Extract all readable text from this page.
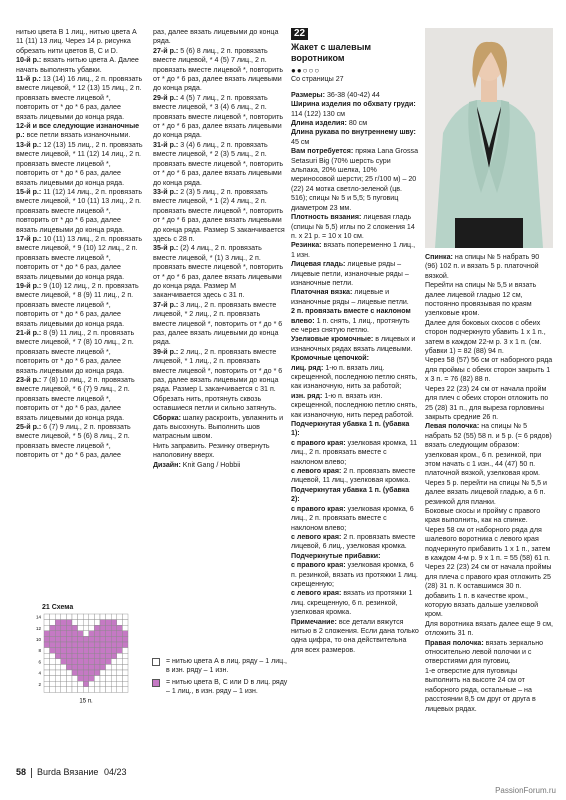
нитью цвета В 1 лиц., нитью цвета А 11 (11) 13 лиц. Через 14 р. рисунка обрезать нити цветов В, С и D.
10-й р.: вязать нитью цвета А. Далее начать выполнять убавки.
11-й р.: 13 (14) 16 лиц., 2 п. провязать вместе лицевой, * 12 (13) 15 лиц., 2 п. провязать вместе лицевой *, повторить от * до * 6 раз, далее вязать лицевыми до конца ряда.
12-й и все следующие изнаночные р.: все петли вязать изнаночными.
13-й р.: 12 (13) 15 лиц., 2 п. провязать вместе лицевой, * 11 (12) 14 лиц., 2 п. провязать вместе лицевой *, повторить от * до * 6 раз, далее вязать лицевыми до конца ряда.
15-й р.: 11 (12) 14 лиц., 2 п. провязать вместе лицевой, * 10 (11) 13 лиц., 2 п. провязать вместе лицевой *, повторить от * до * 6 раз, далее вязать лицевыми до конца ряда.
17-й р.: 10 (11) 13 лиц., 2 п. провязать вместе лицевой, * 9 (10) 12 лиц., 2 п. провязать вместе лицевой *, повторить от * до * 6 раз, далее вязать лицевыми до конца ряда.
19-й р.: 9 (10) 12 лиц., 2 п. провязать вместе лицевой, * 8 (9) 11 лиц., 2 п. провязать вместе лицевой *, повторить от * до * 6 раз, далее вязать лицевыми до конца ряда.
21-й р.: 8 (9) 11 лиц., 2 п. провязать вместе лицевой, * 7 (8) 10 лиц., 2 п. провязать вместе лицевой *, повторить от * до * 6 раз, далее вязать лицевыми до конца ряда.
23-й р.: 7 (8) 10 лиц., 2 п. провязать вместе лицевой, * 6 (7) 9 лиц., 2 п. провязать вместе лицевой *, повторить от * до * 6 раз, далее вязать лицевыми до конца ряда.
25-й р.: 6 (7) 9 лиц., 2 п. провязать вместе лицевой, * 5 (6) 8 лиц., 2 п. провязать вместе лицевой *, повторить от * до * 6 раз, далее
раз, далее вязать лицевыми до конца ряда.
27-й р.: 5 (6) 8 лиц., 2 п. провязать вместе лицевой, * 4 (5) 7 лиц., 2 п. провязать вместе лицевой *, повторить от * до * 6 раз, далее вязать лицевыми до конца ряда.
29-й р.: 4 (5) 7 лиц., 2 п. провязать вместе лицевой, * 3 (4) 6 лиц., 2 п. провязать вместе лицевой *, повторить от * до * 6 раз, далее вязать лицевыми до конца ряда.
31-й р.: 3 (4) 6 лиц., 2 п. провязать вместе лицевой, * 2 (3) 5 лиц., 2 п. провязать вместе лицевой *, повторить от * до * 6 раз, далее вязать лицевыми до конца ряда.
33-й р.: 2 (3) 5 лиц., 2 п. провязать вместе лицевой, * 1 (2) 4 лиц., 2 п. провязать вместе лицевой *, повторить от * до * 6 раз, далее вязать лицевыми до конца ряда. Размер S заканчивается здесь с 28 п.
35-й р.: (2) 4 лиц., 2 п. провязать вместе лицевой, * (1) 3 лиц., 2 п. провязать вместе лицевой *, повторить от * до * 6 раз, далее вязать лицевыми до конца ряда. Размер М заканчивается здесь с 31 п.
37-й р.: 3 лиц., 2 п. провязать вместе лицевой, * 2 лиц., 2 п. провязать вместе лицевой *, повторить от * до * 6 раз, далее вязать лицевыми до конца ряда.
39-й р.: 2 лиц., 2 п. провязать вместе лицевой, * 1 лиц., 2 п. провязать вместе лицевой *, повторить от * до * 6 раз, далее вязать лицевыми до конца ряда. Размер L заканчивается с 31 п. Обрезать нить, протянуть сквозь оставшиеся петли и сильно затянуть.
Сборка: шапку раскроить, увлажнить и дать высохнуть. Выполнить шов матрасным швом.
Нить заправить. Резинку отвернуть наполовину вверх.
Дизайн: Knit Gang / Hobbii
22
Жакет с шалевым воротником
●●○○○
Со страницы 27
Размеры: 36-38 (40-42) 44
Ширина изделия по обхвату груди: 114 (122) 130 см
Длина изделия: 80 см
Длина рукава по внутреннему шву: 45 см
Вам потребуется: пряжа Lana Grossa Setasuri Big (70% шерсть сури альпака, 20% шелка, 10% мериносовой шерсти; 25 г/100 м) – 20 (22) 24 мотка светло-зеленой (цв. 516); спицы № 5 и 5,5; 5 пуговиц диаметром 23 мм.
Плотность вязания: лицевая гладь (спицы № 5,5) иглы по 2 сложения 14 п. х 21 р. = 10 х 10 см.
Резинка: вязать попеременно 1 лиц., 1 изн.
Лицевая гладь: лицевые ряды – лицевые петли, изнаночные ряды – изнаночные петли.
Платочная вязка: лицевые и изнаночные ряды – лицевые петли.
2 п. провязать вместе с наклоном влево: 1 п. снять, 1 лиц., протянуть ее через снятую петлю.
Узелковые кромочные: в лицевых и изнаночных рядах вязать лицевыми.
Кромочные цепочкой:
лиц. ряд: 1-ю п. вязать лиц. скрещенной, последнюю петлю снять, как изнаночную, нить за работой;
изн. ряд: 1-ю п. вязать изн. скрещенной, последнюю петлю снять, как изнаночную, нить перед работой.
Подчеркнутая убавка 1 п. (убавка 1):
с правого края: узелковая кромка, 11 лиц., 2 п. провязать вместе с наклоном влево;
с левого края: 2 п. провязать вместе лицевой, 11 лиц., узелковая кромка.
Подчеркнутая убавка 1 п. (убавка 2):
с правого края: узелковая кромка, 6 лиц., 2 п. провязать вместе с наклоном влево;
с левого края: 2 п. провязать вместе лицевой, 6 лиц., узелковая кромка.
Подчеркнутые прибавки:
с правого края: узелковая кромка, 6 п. резинкой, вязать из протяжки 1 лиц. скрещенную;
с левого края: вязать из протяжки 1 лиц. скрещенную, 6 п. резинкой, узелковая кромка.
Примечание: все детали вяжутся нитью в 2 сложения. Если дана только одна цифра, то она действительна для всех размеров.
Спинка: на спицы № 5 набрать 90 (96) 102 п. и вязать 5 р. платочной вязкой.
Перейти на спицы № 5,5 и вязать далее лицевой гладью 12 см, постоянно провязывая по краям узелковые кром.
Далее для боковых скосов с обеих сторон подчеркнуто убавить 1 х 1 п., затем в каждом 22-м р. 3 х 1 п. (см. убавки 1) = 82 (88) 94 п.
Через 58 (57) 56 см от наборного ряда для проймы с обеих сторон закрыть 1 х 3 п. = 76 (82) 88 п.
Через 22 (23) 24 см от начала пройм для плеч с обеих сторон отложить по 25 (28) 31 п., для выреза горловины закрыть средние 26 п.
Левая полочка: на спицы № 5 набрать 52 (55) 58 п. и 5 р. (= 6 рядов) вязать следующим образом: узелковая кром., 6 п. резинкой, при этом начать с 1 изн., 44 (47) 50 п. платочной вязкой, узелковая кром.
Через 5 р. перейти на спицы № 5,5 и далее вязать лицевой гладью, а 6 п. резинкой для планки.
Боковые скосы и пройму с правого края выполнить, как на спинке.
Через 58 см от наборного ряда для шалевого воротника с левого края подчеркнуто прибавить 1 х 1 п., затем в каждом 4-м р. 9 х 1 п. = 55 (58) 61 п.
Через 22 (23) 24 см от начала проймы для плеча с правого края отложить 25 (28) 31 п. К оставшимся 30 п. добавить 1 п. в качестве кром., которую вязать дальше узелковой кром.
Для воротника вязать далее еще 9 см, отложить 31 п.
Правая полочка: вязать зеркально относительно левой полочки и с отверстиями для пуговиц.
1-е отверстие для пуговицы выполнить на высоте 24 см от наборного ряда, остальные – на расстоянии 8,5 см друг от друга в лицевых рядах.
21 Схема
14
12
10
8
6
4
2
15 п.
= нитью цвета А в лиц. ряду – 1 лиц., в изн. ряду – 1 изн.
= нитью цвета В, С или D в лиц. ряду – 1 лиц., в изн. ряду – 1 изн.
58 Burda Вязание 04/23
PassionForum.ru
